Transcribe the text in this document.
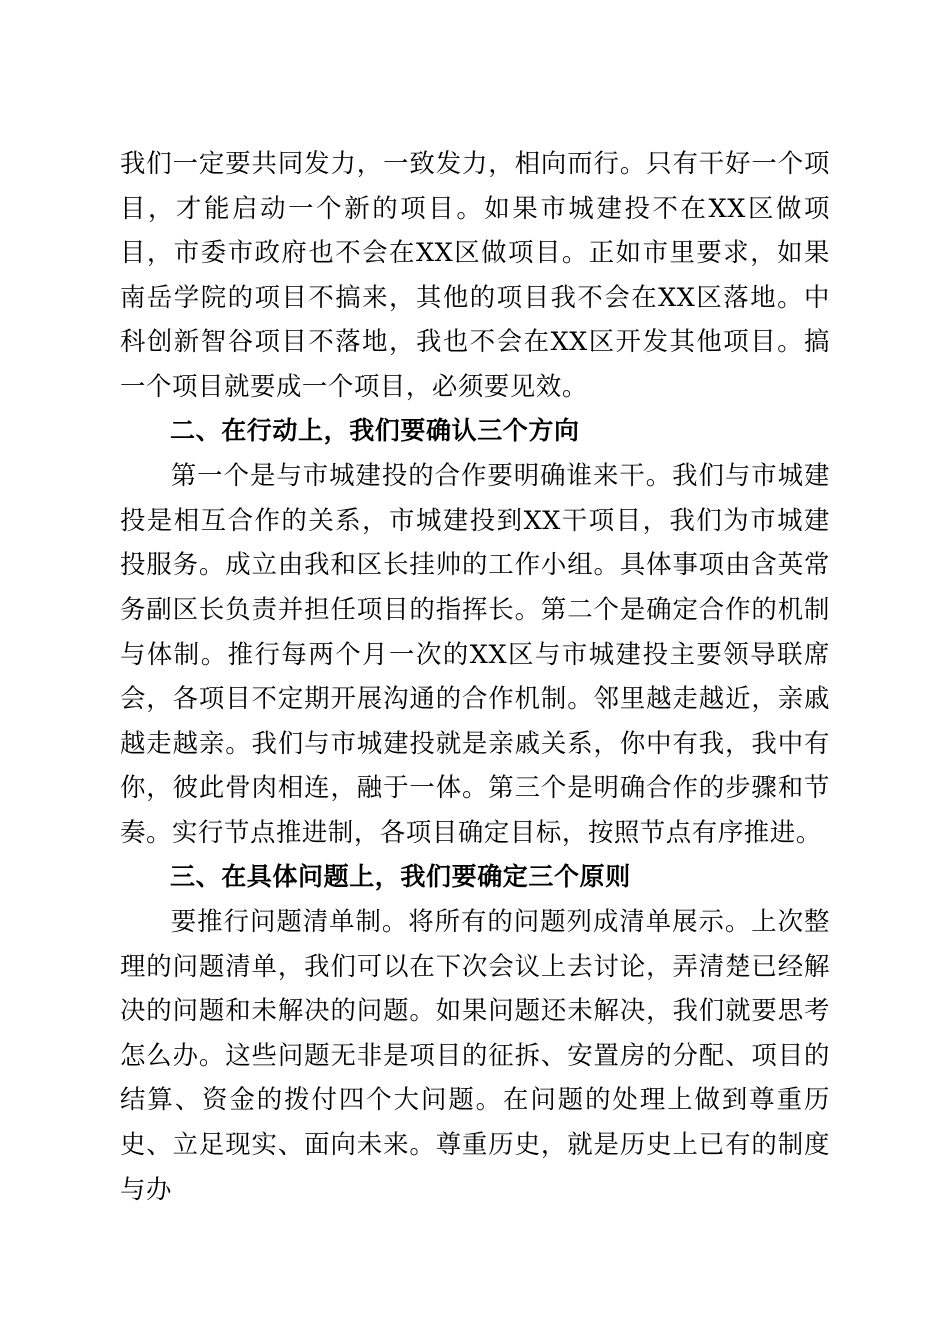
我们一定要共同发力，一致发力，相向而行。只有干好一个项目，才能启动一个新的项目。如果市城建投不在XX区做项目，市委市政府也不会在XX区做项目。正如市里要求，如果南岳学院的项目不搞来，其他的项目我不会在XX区落地。中科创新智谷项目不落地，我也不会在XX区开发其他项目。搞一个项目就要成一个项目，必须要见效。

二、在行动上，我们要确认三个方向

第一个是与市城建投的合作要明确谁来干。我们与市城建投是相互合作的关系，市城建投到XX干项目，我们为市城建投服务。成立由我和区长挂帅的工作小组。具体事项由含英常务副区长负责并担任项目的指挥长。第二个是确定合作的机制与体制。推行每两个月一次的XX区与市城建投主要领导联席会，各项目不定期开展沟通的合作机制。邻里越走越近，亲戚越走越亲。我们与市城建投就是亲戚关系，你中有我，我中有你，彼此骨肉相连，融于一体。第三个是明确合作的步骤和节奏。实行节点推进制，各项目确定目标，按照节点有序推进。

三、在具体问题上，我们要确定三个原则

要推行问题清单制。将所有的问题列成清单展示。上次整理的问题清单，我们可以在下次会议上去讨论，弄清楚已经解决的问题和未解决的问题。如果问题还未解决，我们就要思考怎么办。这些问题无非是项目的征拆、安置房的分配、项目的结算、资金的拨付四个大问题。在问题的处理上做到尊重历史、立足现实、面向未来。尊重历史，就是历史上已有的制度与办
